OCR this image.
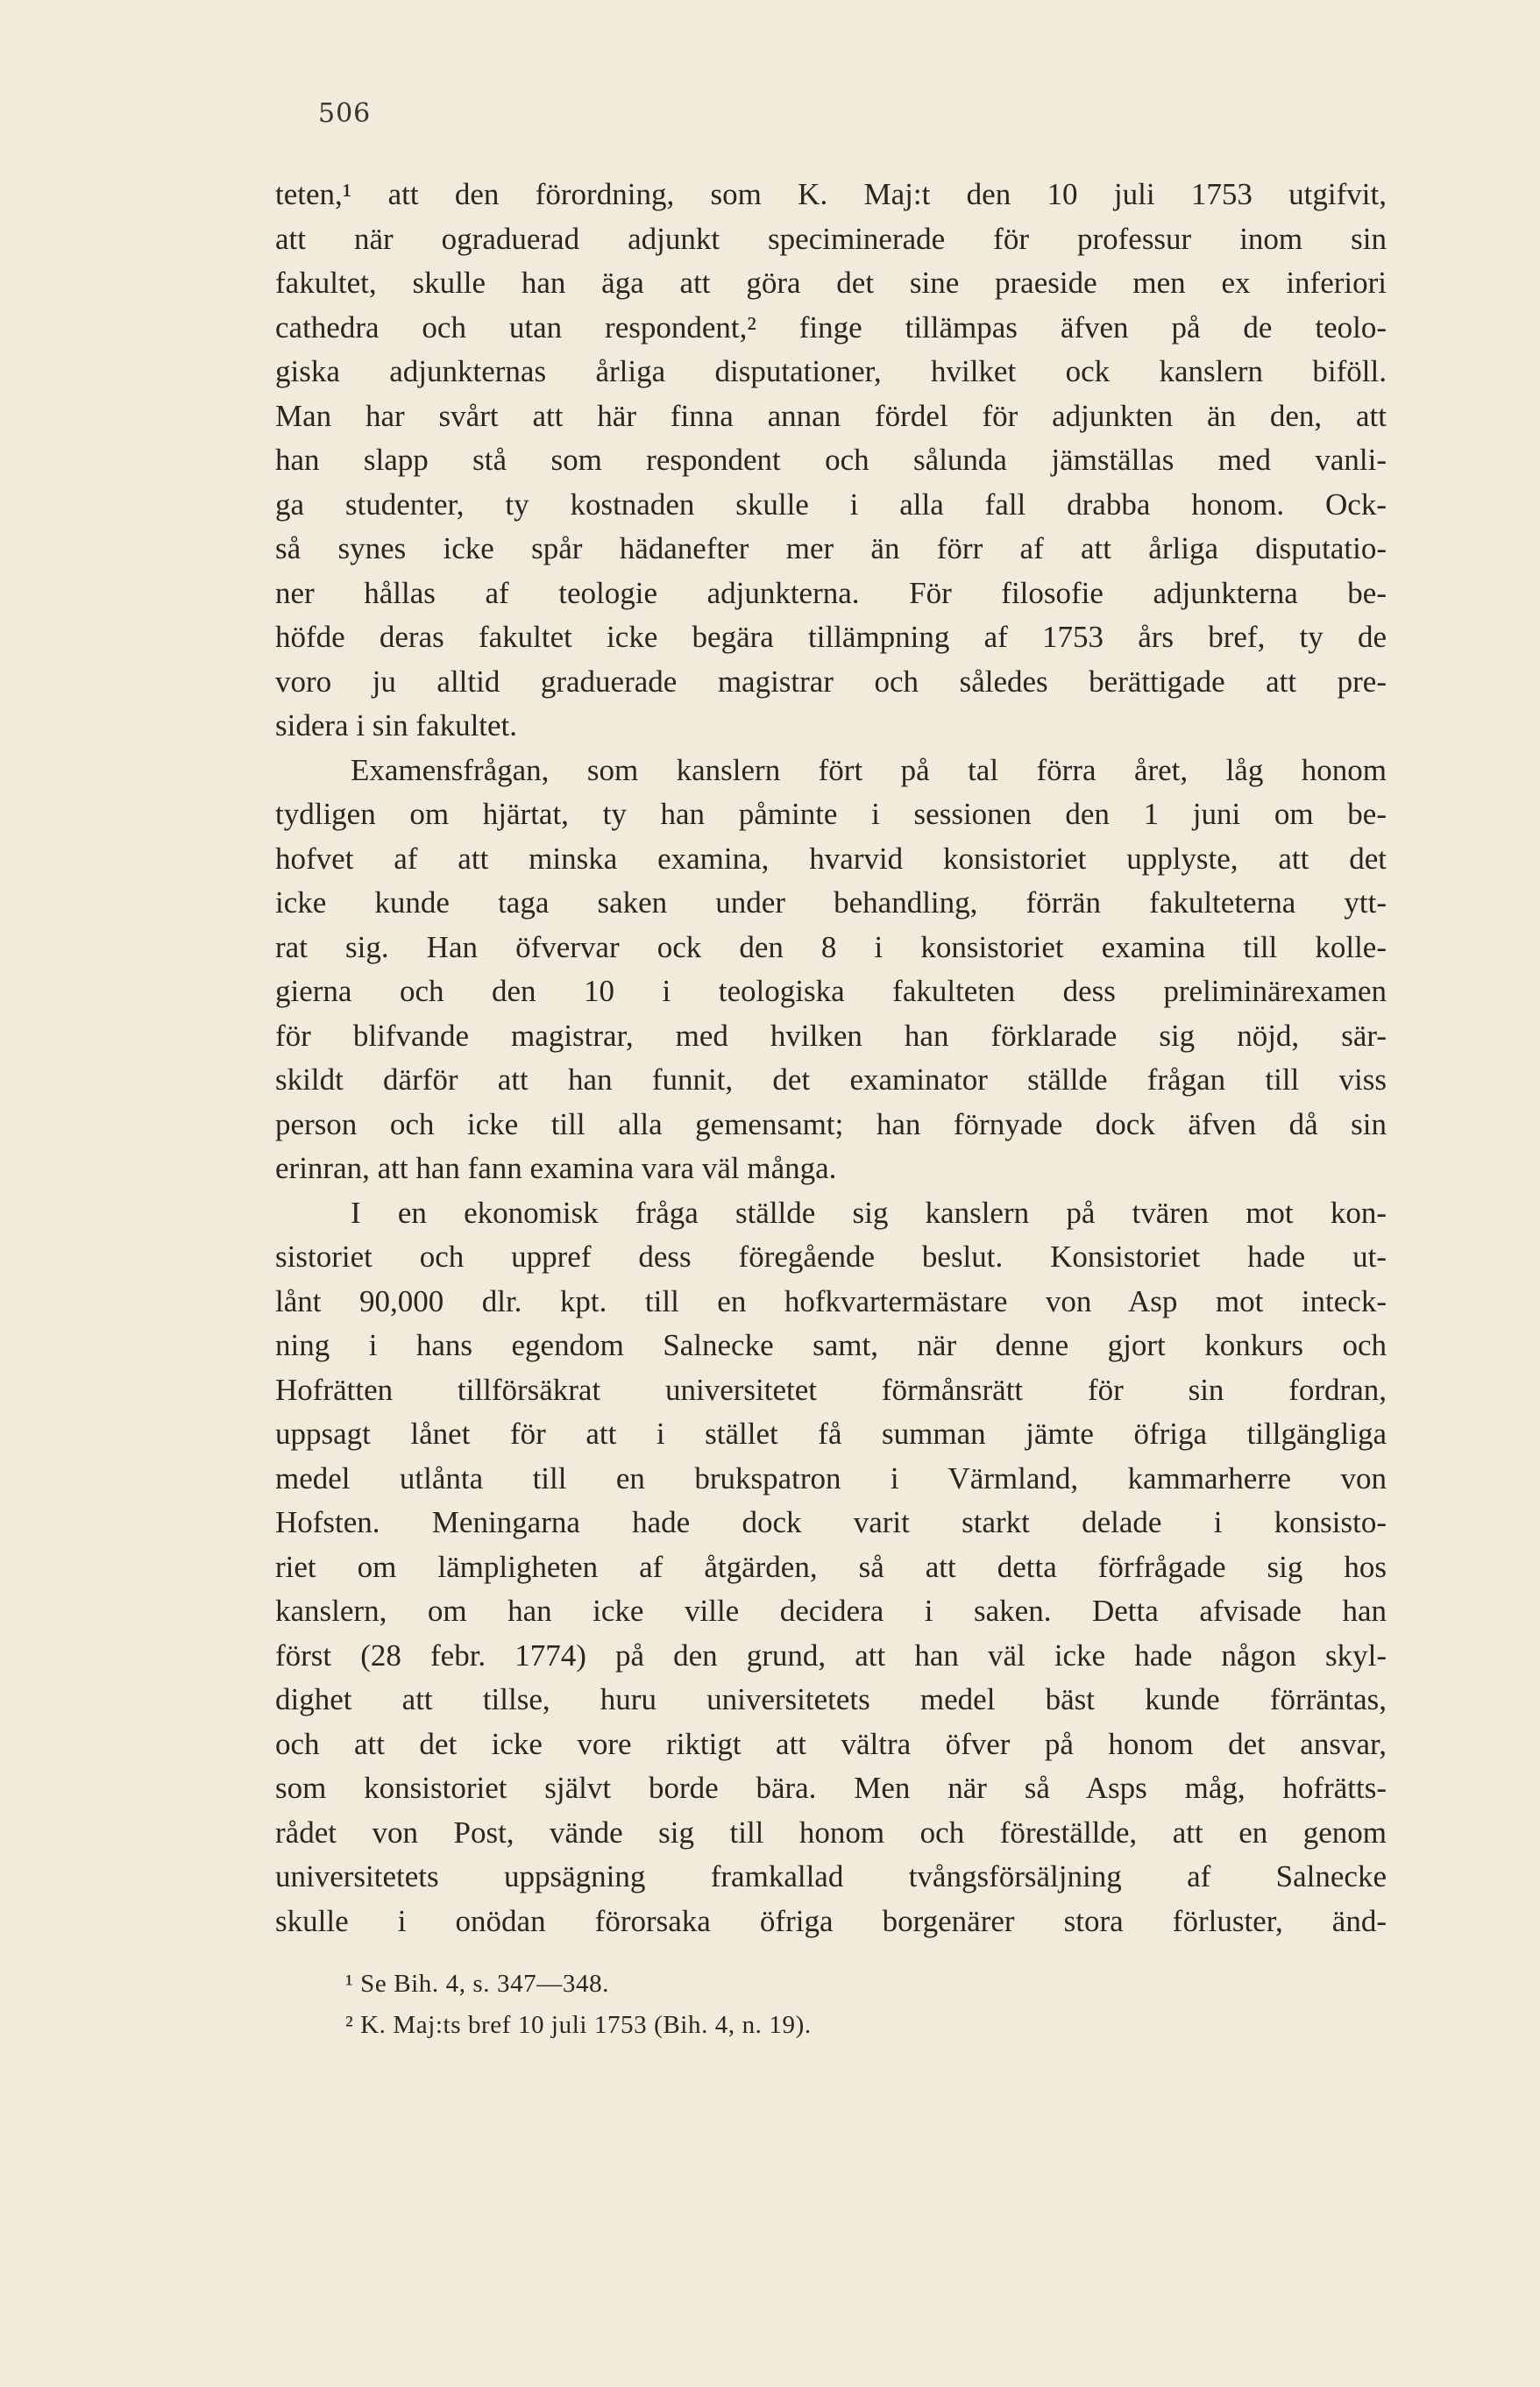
506
teten,¹ att den förordning, som K. Maj:t den 10 juli 1753 utgifvit,
att när ograduerad adjunkt speciminerade för professur inom sin
fakultet, skulle han äga att göra det sine praeside men ex inferiori
cathedra och utan respondent,² finge tillämpas äfven på de teolo-
giska adjunkternas årliga disputationer, hvilket ock kanslern biföll.
Man har svårt att här finna annan fördel för adjunkten än den, att
han slapp stå som respondent och sålunda jämställas med vanli-
ga studenter, ty kostnaden skulle i alla fall drabba honom. Ock-
så synes icke spår hädanefter mer än förr af att årliga disputatio-
ner hållas af teologie adjunkterna. För filosofie adjunkterna be-
höfde deras fakultet icke begära tillämpning af 1753 års bref, ty de
voro ju alltid graduerade magistrar och således berättigade att pre-
sidera i sin fakultet.
Examensfrågan, som kanslern fört på tal förra året, låg honom
tydligen om hjärtat, ty han påminte i sessionen den 1 juni om be-
hofvet af att minska examina, hvarvid konsistoriet upplyste, att det
icke kunde taga saken under behandling, förrän fakulteterna ytt-
rat sig. Han öfvervar ock den 8 i konsistoriet examina till kolle-
gierna och den 10 i teologiska fakulteten dess preliminärexamen
för blifvande magistrar, med hvilken han förklarade sig nöjd, sär-
skildt därför att han funnit, det examinator ställde frågan till viss
person och icke till alla gemensamt; han förnyade dock äfven då sin
erinran, att han fann examina vara väl många.
I en ekonomisk fråga ställde sig kanslern på tvären mot kon-
sistoriet och uppref dess föregående beslut. Konsistoriet hade ut-
lånt 90,000 dlr. kpt. till en hofkvartermästare von Asp mot inteck-
ning i hans egendom Salnecke samt, när denne gjort konkurs och
Hofrätten tillförsäkrat universitetet förmånsrätt för sin fordran,
uppsagt lånet för att i stället få summan jämte öfriga tillgängliga
medel utlånta till en brukspatron i Värmland, kammarherre von
Hofsten. Meningarna hade dock varit starkt delade i konsisto-
riet om lämpligheten af åtgärden, så att detta förfrågade sig hos
kanslern, om han icke ville decidera i saken. Detta afvisade han
först (28 febr. 1774) på den grund, att han väl icke hade någon skyl-
dighet att tillse, huru universitetets medel bäst kunde förräntas,
och att det icke vore riktigt att vältra öfver på honom det ansvar,
som konsistoriet självt borde bära. Men när så Asps måg, hofrätts-
rådet von Post, vände sig till honom och föreställde, att en genom
universitetets uppsägning framkallad tvångsförsäljning af Salnecke
skulle i onödan förorsaka öfriga borgenärer stora förluster, änd-
¹ Se Bih. 4, s. 347—348.
² K. Maj:ts bref 10 juli 1753 (Bih. 4, n. 19).
